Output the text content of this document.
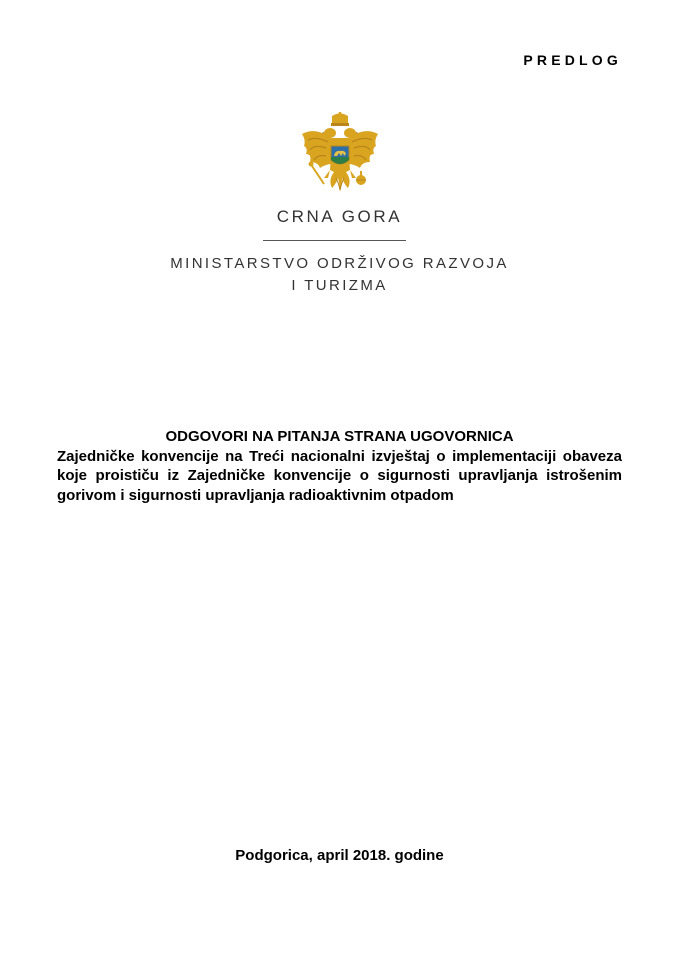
PREDLOG
CRNA GORA
MINISTARSTVO ODRŽIVOG RAZVOJA
I TURIZMA
ODGOVORI NA PITANJA STRANA UGOVORNICA
Zajedničke konvencije na Treći nacionalni izvještaj o implementaciji obaveza koje proističu iz Zajedničke konvencije o sigurnosti upravljanja istrošenim gorivom i sigurnosti upravljanja radioaktivnim otpadom
Podgorica, april 2018. godine
